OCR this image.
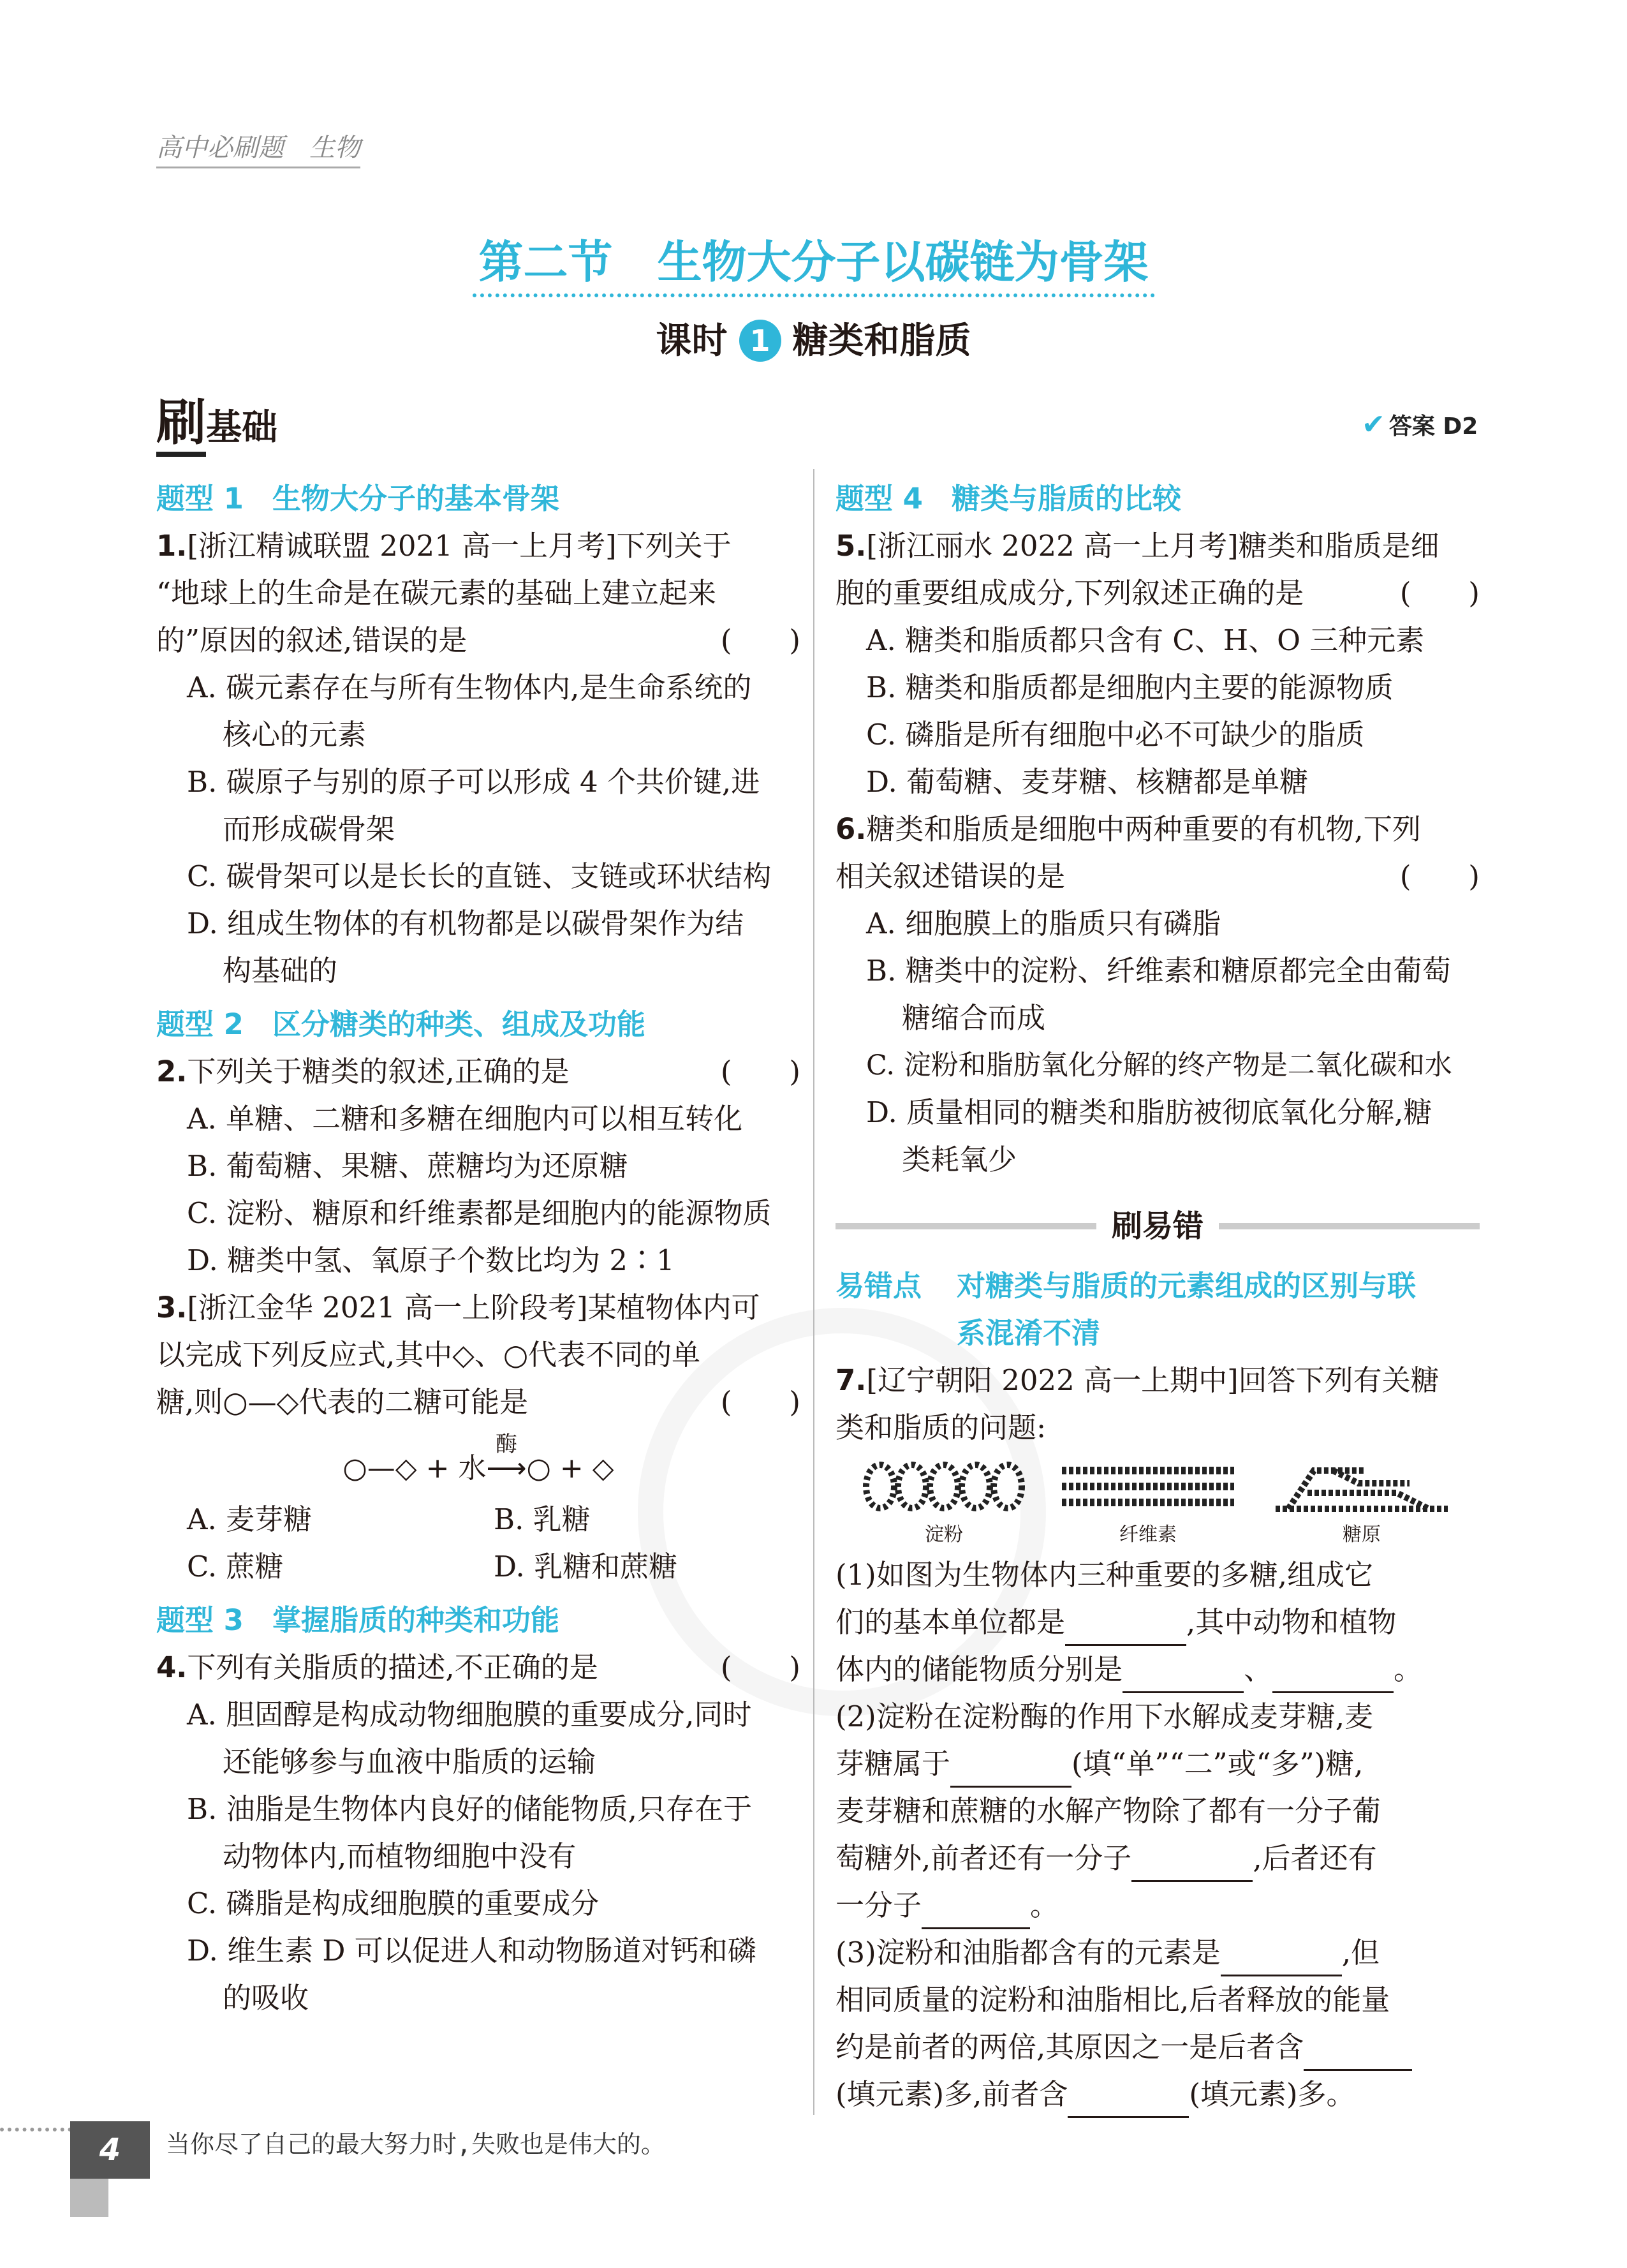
高中必刷题　生物
第二节　生物大分子以碳链为骨架
课时 1 糖类和脂质
刷基础	✔ 答案 D2
题型 1　生物大分子的基本骨架
1.[浙江精诚联盟 2021 高一上月考]下列关于
“地球上的生命是在碳元素的基础上建立起来
的”原因的叙述,错误的是	(　　)
A. 碳元素存在与所有生物体内,是生命系统的
核心的元素
B. 碳原子与别的原子可以形成 4 个共价键,进
而形成碳骨架
C. 碳骨架可以是长长的直链、支链或环状结构
D. 组成生物体的有机物都是以碳骨架作为结
构基础的
题型 2　区分糖类的种类、组成及功能
2.下列关于糖类的叙述,正确的是	(　　)
A. 单糖、二糖和多糖在细胞内可以相互转化
B. 葡萄糖、果糖、蔗糖均为还原糖
C. 淀粉、糖原和纤维素都是细胞内的能源物质
D. 糖类中氢、氧原子个数比均为 2∶1
3.[浙江金华 2021 高一上阶段考]某植物体内可
以完成下列反应式,其中◇、○代表不同的单
糖,则○—◇代表的二糖可能是	(　　)
○—◇ + 水
酶
⟶○ + ◇
A. 麦芽糖	B. 乳糖
C. 蔗糖	D. 乳糖和蔗糖
题型 3　掌握脂质的种类和功能
4.下列有关脂质的描述,不正确的是	(　　)
A. 胆固醇是构成动物细胞膜的重要成分,同时
还能够参与血液中脂质的运输
B. 油脂是生物体内良好的储能物质,只存在于
动物体内,而植物细胞中没有
C. 磷脂是构成细胞膜的重要成分
D. 维生素 D 可以促进人和动物肠道对钙和磷
的吸收
题型 4　糖类与脂质的比较
5.[浙江丽水 2022 高一上月考]糖类和脂质是细
胞的重要组成成分,下列叙述正确的是	(　　)
A. 糖类和脂质都只含有 C、H、O 三种元素
B. 糖类和脂质都是细胞内主要的能源物质
C. 磷脂是所有细胞中必不可缺少的脂质
D. 葡萄糖、麦芽糖、核糖都是单糖
6.糖类和脂质是细胞中两种重要的有机物,下列
相关叙述错误的是	(　　)
A. 细胞膜上的脂质只有磷脂
B. 糖类中的淀粉、纤维素和糖原都完全由葡萄
糖缩合而成
C. 淀粉和脂肪氧化分解的终产物是二氧化碳和水
D. 质量相同的糖类和脂肪被彻底氧化分解,糖
类耗氧少
刷易错
易错点	对糖类与脂质的元素组成的区别与联
系混淆不清
7.[辽宁朝阳 2022 高一上期中]回答下列有关糖
类和脂质的问题:
淀粉	纤维素	糖原
(1)如图为生物体内三种重要的多糖,组成它
们的基本单位都是	,其中动物和植物
体内的储能物质分别是	、	。
(2)淀粉在淀粉酶的作用下水解成麦芽糖,麦
芽糖属于	(填“单”“二”或“多”)糖,
麦芽糖和蔗糖的水解产物除了都有一分子葡
萄糖外,前者还有一分子	,后者还有
一分子	。
(3)淀粉和油脂都含有的元素是	,但
相同质量的淀粉和油脂相比,后者释放的能量
约是前者的两倍,其原因之一是后者含
(填元素)多,前者含	(填元素)多。
4	当你尽了自己的最大努力时,失败也是伟大的。
